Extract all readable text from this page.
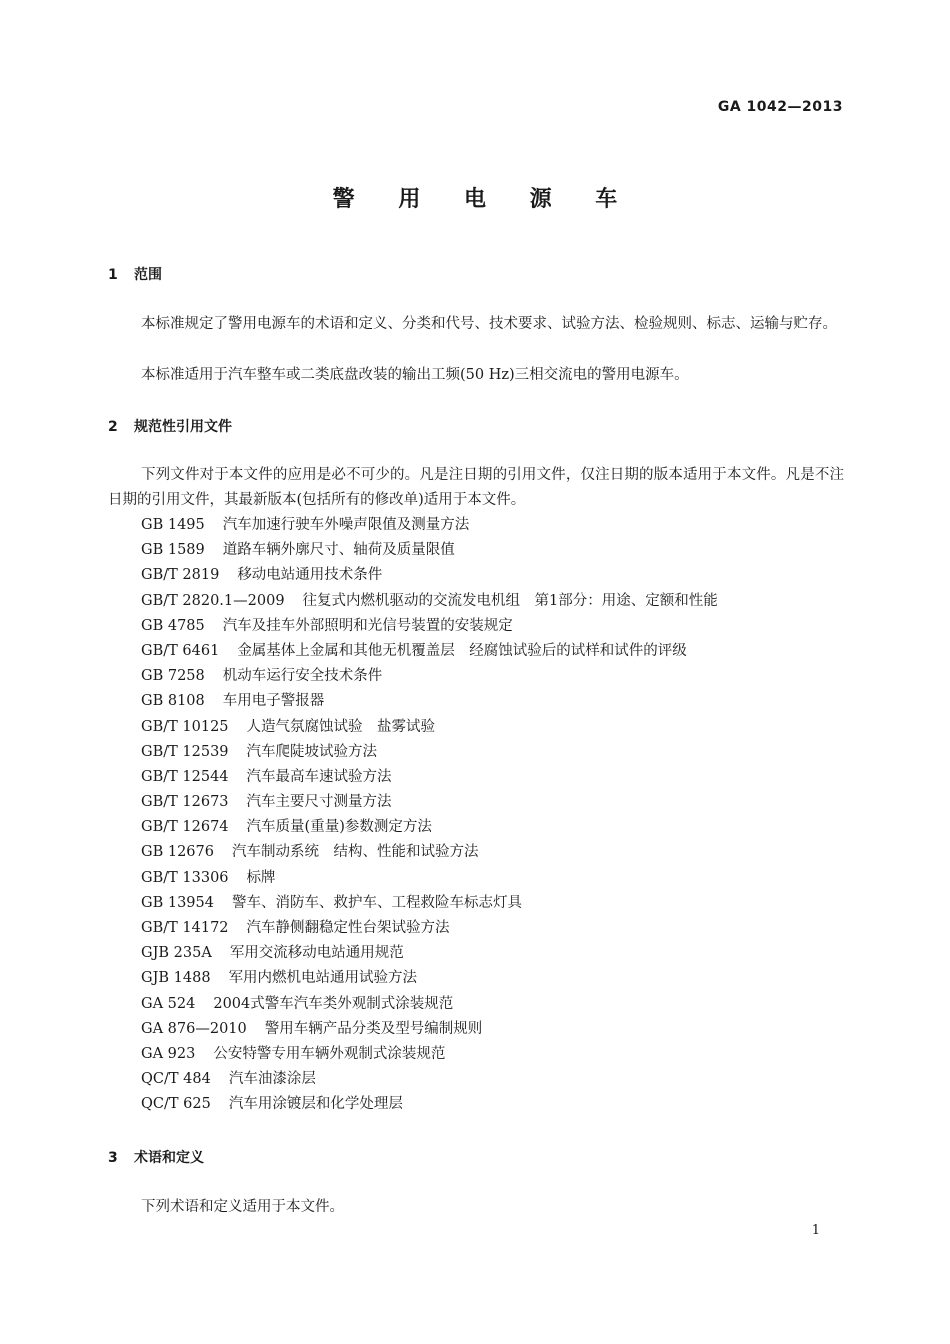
GA 1042—2013
警 用 电 源 车
1 范围

本标准规定了警用电源车的术语和定义、分类和代号、技术要求、试验方法、检验规则、标志、运输与贮存。

本标准适用于汽车整车或二类底盘改装的输出工频(50 Hz)三相交流电的警用电源车。

2 规范性引用文件

下列文件对于本文件的应用是必不可少的。凡是注日期的引用文件，仅注日期的版本适用于本文件。凡是不注日期的引用文件，其最新版本(包括所有的修改单)适用于本文件。

GB 1495 汽车加速行驶车外噪声限值及测量方法
GB 1589 道路车辆外廓尺寸、轴荷及质量限值
GB/T 2819 移动电站通用技术条件
GB/T 2820.1—2009 往复式内燃机驱动的交流发电机组　第1部分：用途、定额和性能
GB 4785 汽车及挂车外部照明和光信号装置的安装规定
GB/T 6461 金属基体上金属和其他无机覆盖层　经腐蚀试验后的试样和试件的评级
GB 7258 机动车运行安全技术条件
GB 8108 车用电子警报器
GB/T 10125 人造气氛腐蚀试验　盐雾试验
GB/T 12539 汽车爬陡坡试验方法
GB/T 12544 汽车最高车速试验方法
GB/T 12673 汽车主要尺寸测量方法
GB/T 12674 汽车质量(重量)参数测定方法
GB 12676 汽车制动系统　结构、性能和试验方法
GB/T 13306 标牌
GB 13954 警车、消防车、救护车、工程救险车标志灯具
GB/T 14172 汽车静侧翻稳定性台架试验方法
GJB 235A 军用交流移动电站通用规范
GJB 1488 军用内燃机电站通用试验方法
GA 524 2004式警车汽车类外观制式涂装规范
GA 876—2010 警用车辆产品分类及型号编制规则
GA 923 公安特警专用车辆外观制式涂装规范
QC/T 484 汽车油漆涂层
QC/T 625 汽车用涂镀层和化学处理层
3 术语和定义

下列术语和定义适用于本文件。

1
